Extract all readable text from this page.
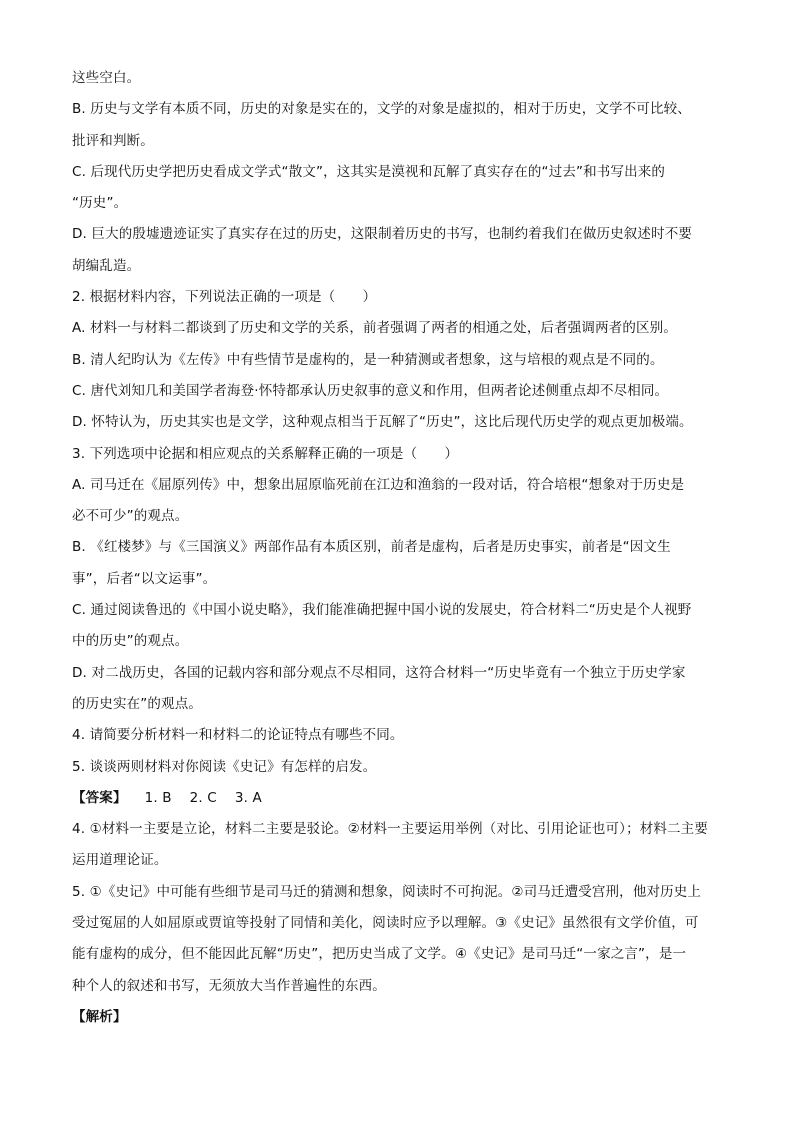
这些空白。
B. 历史与文学有本质不同，历史的对象是实在的，文学的对象是虚拟的，相对于历史，文学不可比较、
批评和判断。
C. 后现代历史学把历史看成文学式“散文”，这其实是漠视和瓦解了真实存在的“过去”和书写出来的
“历史”。
D. 巨大的殷墟遗迹证实了真实存在过的历史，这限制着历史的书写，也制约着我们在做历史叙述时不要
胡编乱造。
2. 根据材料内容，下列说法正确的一项是（　　）
A. 材料一与材料二都谈到了历史和文学的关系，前者强调了两者的相通之处，后者强调两者的区别。
B. 清人纪昀认为《左传》中有些情节是虚构的，是一种猜测或者想象，这与培根的观点是不同的。
C. 唐代刘知几和美国学者海登·怀特都承认历史叙事的意义和作用，但两者论述侧重点却不尽相同。
D. 怀特认为，历史其实也是文学，这种观点相当于瓦解了“历史”，这比后现代历史学的观点更加极端。
3. 下列选项中论据和相应观点的关系解释正确的一项是（　　）
A. 司马迁在《屈原列传》中，想象出屈原临死前在江边和渔翁的一段对话，符合培根“想象对于历史是
必不可少”的观点。
B. 《红楼梦》与《三国演义》两部作品有本质区别，前者是虚构，后者是历史事实，前者是“因文生
事”，后者“以文运事”。
C. 通过阅读鲁迅的《中国小说史略》，我们能准确把握中国小说的发展史，符合材料二“历史是个人视野
中的历史”的观点。
D. 对二战历史，各国的记载内容和部分观点不尽相同，这符合材料一“历史毕竟有一个独立于历史学家
的历史实在”的观点。
4. 请简要分析材料一和材料二的论证特点有哪些不同。
5. 谈谈两则材料对你阅读《史记》有怎样的启发。
【答案】 1. B 2. C 3. A
4. ①材料一主要是立论，材料二主要是驳论。②材料一主要运用举例（对比、引用论证也可）；材料二主要
运用道理论证。
5. ①《史记》中可能有些细节是司马迁的猜测和想象，阅读时不可拘泥。②司马迁遭受宫刑，他对历史上
受过冤屈的人如屈原或贾谊等投射了同情和美化，阅读时应予以理解。③《史记》虽然很有文学价值，可
能有虚构的成分，但不能因此瓦解“历史”，把历史当成了文学。④《史记》是司马迁“一家之言”，是一
种个人的叙述和书写，无须放大当作普遍性的东西。
【解析】
